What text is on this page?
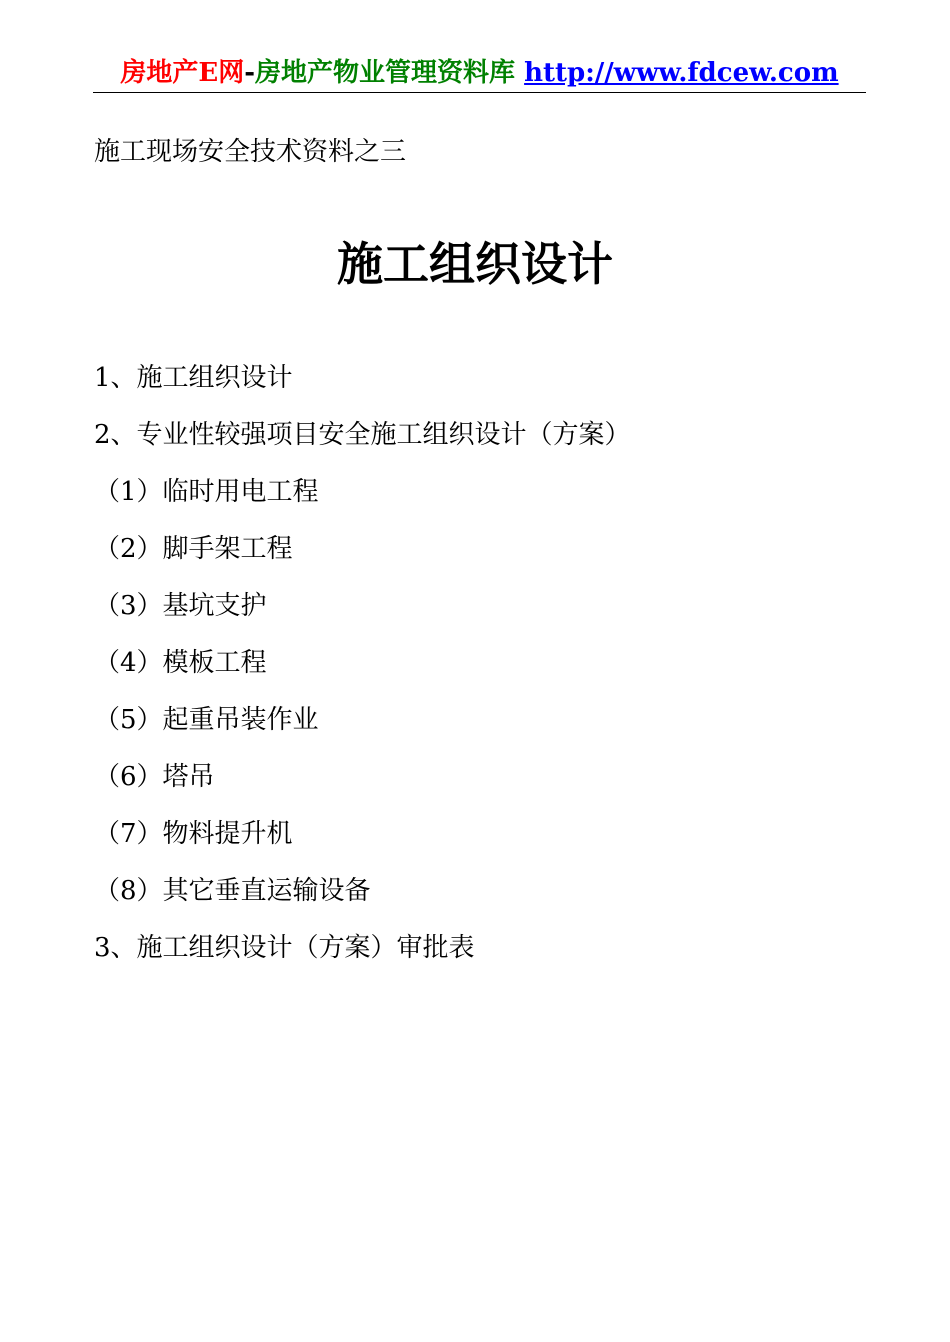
房地产E网-房地产物业管理资料库 http://www.fdcew.com
施工现场安全技术资料之三
施工组织设计
1、施工组织设计
2、专业性较强项目安全施工组织设计（方案）
（1）临时用电工程
（2）脚手架工程
（3）基坑支护
（4）模板工程
（5）起重吊装作业
（6）塔吊
（7）物料提升机
（8）其它垂直运输设备
3、施工组织设计（方案）审批表
